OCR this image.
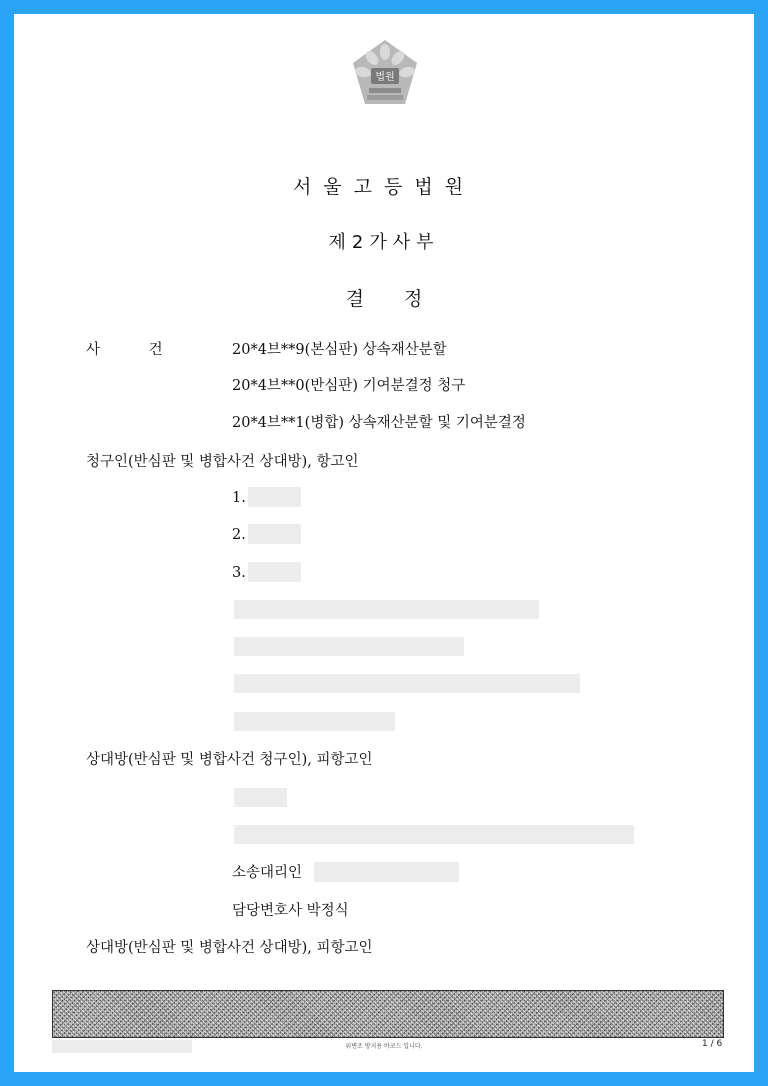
법원
서울고등법원
제2가사부
결정
사 건	20*4브**9(본심판) 상속재산분할
20*4브**0(반심판) 기여분결정 청구
20*4브**1(병합) 상속재산분할 및 기여분결정
청구인(반심판 및 병합사건 상대방), 항고인
1.
2.
3.
상대방(반심판 및 병합사건 청구인), 피항고인
소송대리인
담당변호사 박정식
상대방(반심판 및 병합사건 상대방), 피항고인
위변조 방지용 바코드 입니다.	1 / 6
